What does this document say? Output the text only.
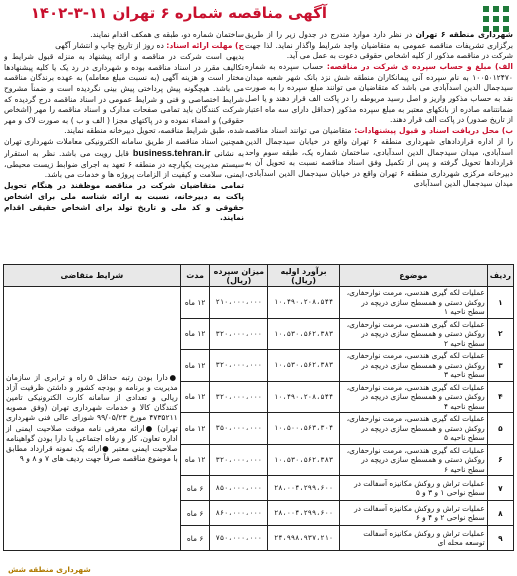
آگهی مناقصه شماره ۶ تهران ۱۱-۳-۱۴۰۲

شهرداری منطقه ۶ تهران در نظر دارد موارد مندرج در جدول زیر را از طریق برگزاری تشریفات مناقصه عمومی به متقاضیان واجد شرایط واگذار نماید. لذا جهت شرکت در مناقصه مذکور از کلیه اشخاص حقوقی دعوت به عمل می آید.

الف) مبلغ و حساب سپرده ی شرکت در مناقصه: حساب سپرده به شماره ۱۰۰۵۰۱۲۴۷۰ به نام سپرده آنی پیمانکاران منطقه شش نزد بانک شهر شعبه میدان سیدجمال الدین اسدآبادی می باشد که متقاضیان می توانند مبلغ سپرده را به صورت نقد به حساب مذکور واریز و اصل رسید مربوطه را در پاکت الف قرار دهند و یا اصل ضمانتنامه صادره از بانکهای معتبر به مبلغ سپرده مذکور (حداقل دارای سه ماه اعتبار از تاریخ صدور) در پاکت الف قرار دهند.

ب) محل دریافت اسناد و قبول پیشنهادات: متقاضیان می توانند اسناد مناقصه را از اداره قراردادهای شهرداری منطقه ۶ تهران واقع در خیابان سیدجمال الدین اسدآبادی، میدان سیدجمال الدین اسدآبادی، ساختمان شماره یک، طبقه سوم واحد قراردادها تحویل گرفته و پس از تکمیل وفق اسناد مناقصه نسبت به تحویل آن به دبیرخانه مرکزی شهرداری منطقه ۶ تهران واقع در خیابان سیدجمال الدین اسدآبادی، میدان سیدجمال الدین اسدآبادی

ساختمان شماره دو، طبقه ی همکف اقدام نمایند.

ج) مهلت ارائه اسناد: ده روز از تاریخ چاپ و انتشار آگهی

بدیهی است شرکت در مناقصه و ارائه پیشنهاد به منزله قبول شرایط و تکالیف مقرر در اسناد مناقصه بوده و شهرداری در رد یک یا کلیه پیشنهادها مختار است و هزینه آگهی (به نسبت مبلغ معامله) به عهده برندگان مناقصه می باشد. هیچگونه پیش پرداختی پیش بینی نگردیده است و ضمناً مشروح شرایط اختصاصی و فنی و شرایط عمومی در اسناد مناقصه درج گردیده که شرکت کنندگان باید تمامی صفحات مدارک و اسناد مناقصه را مهر (اشخاص حقوقی) و امضاء نموده و در پاکتهای مجزا ( الف و ب ) به صورت لاک و مهر شده، طبق شرایط مناقصه، تحویل دبیرخانه منطقه نمایند.

همچنین اسناد مناقصه از طریق سامانه الکترونیکی معاملات شهرداری تهران به نشانی business.tehran.ir قابل رویت می باشد. نظر به استقرار سیستم مدیریت یکپارچه در منطقه ۶ تعهد به اجرای ضوابط زیست محیطی، ایمنی، سلامت و کیفیت از الزامات پروژه ها و خدمات می باشد.

تمامی متقاضیان شرکت در مناقصه موظفند در هنگام تحویل پاکت به دبیرخانه، نسبت به ارائه شناسه ملی برای اشخاص حقوقی و کد ملی و تاریخ تولد برای اشخاص حقیقی اقدام نمایند.

ردیف	موضوع	برآورد اولیه (ریال)	میزان سپرده (ریال)	مدت	شرایط متقاضی
۱	عملیات لکه گیری هندسی، مرمت نوارحفاری، روکش دستی و همسطح سازی دریچه در سطح ناحیه ۱	۱۰،۴۹۰،۲۰۸،۵۴۴	۲۱۰،۰۰۰،۰۰۰	۱۲ ماه	●دارا بودن رتبه حداقل ۵ راه و ترابری از سازمان مدیریت و برنامه و بودجه کشور و داشتن ظرفیت آزاد ریالی و تعدادی از سامانه کارت الکترونیکی تامین کنندگان کالا و خدمات شهرداری تهران (وفق مصوبه ۴۷۳۵۲۱۱ مورخ ۹۹/۰۵/۲۳ شورای عالی فنی شهرداری تهران) ●ارائه معرفی نامه موقت صلاحیت ایمنی از اداره تعاون، کار و رفاه اجتماعی یا دارا بودن گواهینامه صلاحیت ایمنی معتبر ●ارائه یک نمونه قرارداد مطابق با موضوع مناقصه صرفاً جهت ردیف های ۷ و ۸ و ۹
۲	عملیات لکه گیری هندسی، مرمت نوارحفاری، روکش دستی و همسطح سازی دریچه در سطح ناحیه ۲	۱۰،۵۳۰،۵۶۲،۳۸۳	۳۲۰،۰۰۰،۰۰۰	۱۲ ماه	
۳	عملیات لکه گیری هندسی، مرمت نوارحفاری، روکش دستی و همسطح سازی دریچه در سطح ناحیه ۳	۱۰،۵۳۰،۵۶۲،۳۸۳	۳۲۰،۰۰۰،۰۰۰	۱۲ ماه	
۴	عملیات لکه گیری هندسی، مرمت نوارحفاری، روکش دستی و همسطح سازی دریچه در سطح ناحیه ۴	۱۰،۴۹۰،۲۰۸،۵۴۴	۳۲۰،۰۰۰،۰۰۰	۱۲ ماه	
۵	عملیات لکه گیری هندسی، مرمت نوارحفاری، روکش دستی و همسطح سازی دریچه در سطح ناحیه ۵	۱۰،۵۰۰،۵۶۳،۳۰۴	۳۵۰،۰۰۰،۰۰۰	۱۲ ماه	
۶	عملیات لکه گیری هندسی، مرمت نوارحفاری، روکش دستی و همسطح سازی دریچه در سطح ناحیه ۶	۱۰،۵۳۰،۵۶۲،۳۸۳	۳۲۰،۰۰۰،۰۰۰	۱۲ ماه	
۷	عملیات تراش و روکش مکانیزه آسفالت در سطح نواحی ۱ و ۳ و ۵	۲۸،۰۰۴،۲۹۹،۶۰۰	۸۵۰،۰۰۰،۰۰۰	۶ ماه	
۸	عملیات تراش و روکش مکانیزه آسفالت در سطح نواحی ۲ و ۴ و ۶	۲۸،۰۰۴،۲۹۹،۶۰۰	۸۶۰،۰۰۰،۰۰۰	۶ ماه	
۹	عملیات تراش و روکش مکانیزه آسفالت توسعه محله ای	۲۴،۹۹۸،۹۳۷،۲۱۰	۷۵۰،۰۰۰،۰۰۰	۶ ماه	
شهرداری منطقه شش
